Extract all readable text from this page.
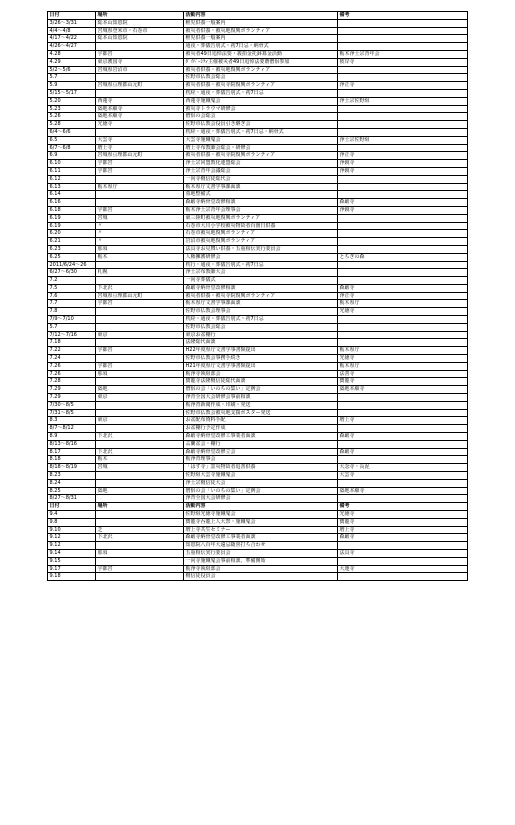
日付	場所	活動内容	備考
3/26～3/31	総本山知恩院	稚児供養一般案内	
4/4～4/8	宮城県登米市・石巻市	被災者供養・被災地復興ボランティア	
4/17～4/22	総本山知恩院	稚児供養一般案内	
4/26～4/27		通夜・葬儀告別式・初7日忌・納骨式	
4.28	宇都宮	被災者49日追悼法要・義捐金托鉢募金活動	栃木浄土宗青年会
4.29	東京護国寺	ﾀﾞｲﾊﾞｰｼﾃｨ主催被災者49日追悼法要齋僧侶参加	彼岸寺
5/2～5/6	宮城県岩沼市	被災者供養・被災地復興ボランティア	
5.7		佐野市仏教会総会	
5.9	宮城県亘理郡山元町	被災者供養・被災寺院復興ボランティア	浄正寺
5/15～5/17		枕経・通夜・葬儀告別式・初7日忌	
5.20	西蓮寺	西蓮寺施餓鬼会	浄土宗佐野組
5.23	築地本願寺	被災寺トラウマ研修会	
5.26	築地本願寺	僧侶の会総会	
5.28	光徳寺	佐野市仏教会役員引き継ぎ会	
6/4～6/6		枕経・通夜・葬儀告別式・初7日忌・納骨式	
6.5	大雲寺	大雲寺施餓鬼会	浄土宗佐野組
6/7～6/8	増上寺	増上寺布教師会総会・研修会	
6.9	宮城県亘理郡山元町	被災者供養・被災寺院復興ボランティア	浄正寺
6.10	宇都宮	浄土宗同盟教化連盟総会	浄鏡寺
6.11	宇都宮	浄土宗青年会議総会	浄鏡寺
6.12		一向寺檀信徒総代会	
6.13	栃木県庁	栃木県庁文書学事課面談	
6.14		墓地整備式	
6.16		森厳寺納骨堂改修相談	森厳寺
6.18	宇都宮	栃木浄土宗青年会理事会	浄鏡寺
6.19	宮城	東三陸町被災地復興ボランティア	
6.19	〃	石巻市大川小学校被災物故者百箇日供養	
6.20	〃	石巻市被災地復興ボランティア	
6.21	〃	岩沼市被災地復興ボランティア	
6.23	那須	法具寺お見舞い供養・五重相伝実行委員会	
6.25	栃木	人権擁護研修会	とちぎの森
2011/6/24～26		枕行・通夜・葬儀告別式・初7日忌	
6/27～6/30	札幌	浄土宗布教師大会	
7.2		一向寺葬儀式	
7.5	下北沢	森厳寺納骨堂改修相談	森厳寺
7.6	宮城県亘理郡山元町	被災者供養・被災寺院復興ボランティア	浄正寺
7.7	宇都宮	栃木県庁文書学事課面談	栃木県庁
7.8		佐野市仏教会理事会	光徳寺
7/9～7/10		枕経・通夜・葬儀告別式・初7日忌	
5.7		佐野市仏教会総会	
7/12～7/16	東京	東京お盆棚行	
7.18		法隆総代面談	
7.22	宇都宮	H22年度県庁文書学事書類提出	栃木県庁
7.24		佐野市仏教会事務手続き	光徳寺
7.26	宇都宮	H21年度県庁文書学事書類提出	栃木県庁
7.26	那須	栃浄寺執組部会	法善寺
7.28		寶龍寺法隆檀信徒総代面談	寶龍寺
7.29	築地	僧侶の会「いのちの集い」定例会	築地本願寺
7.29	東京	浄青全国大会研修会事前相談	
7/30～8/5		栃浄青新聞作成・印刷・発送	
7/31～8/5		佐野市仏教会被災地支援ポスター発送	
8.3	東京	お盆配布資料手配	増上寺
8/7～8/12		お盆棚行予定作成	
8.9	下北沢	森厳寺納骨堂改修工事業者面談	森厳寺
8/13～8/16		盂蘭盆会・棚行	
8.17	下北沢	森厳寺納骨堂改修立会	森厳寺
8.18	栃木	栃浄青理事会	
8/18～8/19	宮城	「はす寺」霊災物故者追善供養	大念寺・長泥
8.23		佐野組大雲寺施餓鬼会	大雲寺
8.24		浄土宗檀信徒大会	
8.25	築地	僧侶の会「いのちの集い」定例会	築地本願寺
8/27～8/31		浄青全国大会研修会	
日付	場所	活動内容	備考
9.4		佐野組光徳寺施餓鬼会	光徳寺
9.8		寶龍寺吞龍上人大祭・施餓鬼会	寶龍寺
9.10	芝	増上寺共生セミナー	増上寺
9.12	下北沢	森厳寺納骨堂改修工事業者面談	森厳寺
9.12		知恩院八百年大遠忌随喜打ち合わせ	
9.14	那須	五重相伝実行委員会	法具寺
9.15		一向寺施餓鬼会事前相談、準備開始	
9.17	宇都宮	栃浄寺執組部会	大運寺
9.18		檀信徒役員会	
